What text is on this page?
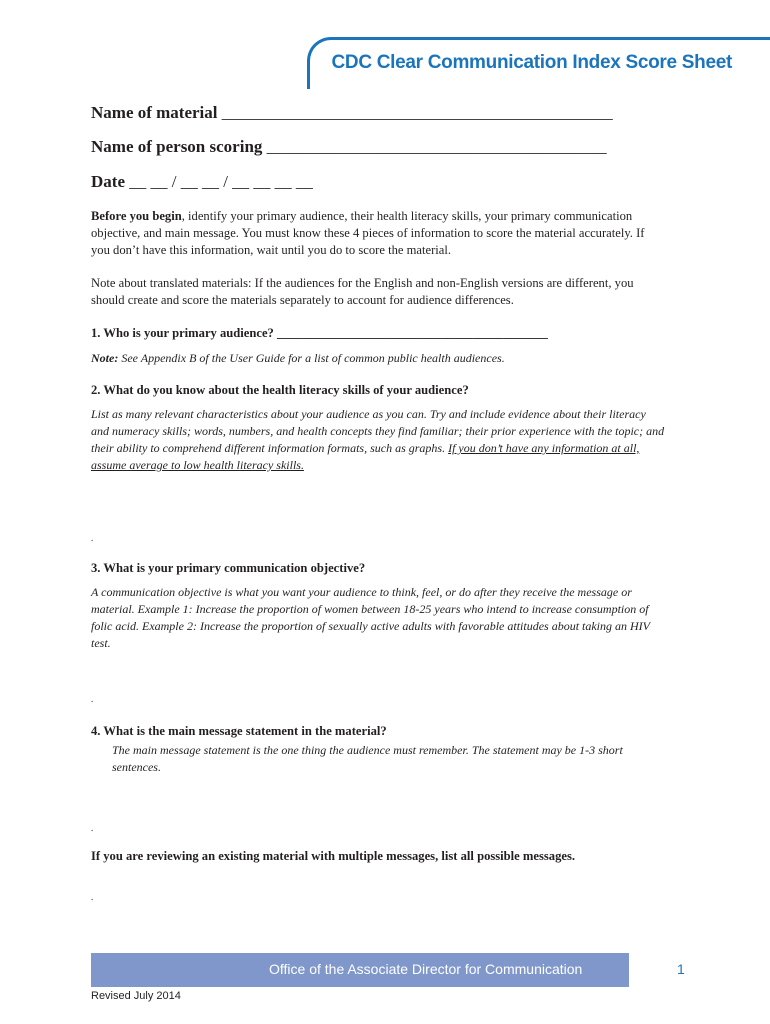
CDC Clear Communication Index Score Sheet
Name of material ______________________________________________
Name of person scoring ________________________________________
Date __ __ / __ __ / __ __ __ __
Before you begin, identify your primary audience, their health literacy skills, your primary communication objective, and main message. You must know these 4 pieces of information to score the material accurately. If you don’t have this information, wait until you do to score the material.
Note about translated materials: If the audiences for the English and non-English versions are different, you should create and score the materials separately to account for audience differences.
1. Who is your primary audience? ___________________________________________
Note: See Appendix B of the User Guide for a list of common public health audiences.
2. What do you know about the health literacy skills of your audience?
List as many relevant characteristics about your audience as you can. Try and include evidence about their literacy and numeracy skills; words, numbers, and health concepts they find familiar; their prior experience with the topic; and their ability to comprehend different information formats, such as graphs. If you don’t have any information at all, assume average to low health literacy skills.
.
3. What is your primary communication objective?
A communication objective is what you want your audience to think, feel, or do after they receive the message or material. Example 1: Increase the proportion of women between 18-25 years who intend to increase consumption of folic acid. Example 2: Increase the proportion of sexually active adults with favorable attitudes about taking an HIV test.
.
4. What is the main message statement in the material?
The main message statement is the one thing the audience must remember. The statement may be 1-3 short sentences.
.
If you are reviewing an existing material with multiple messages, list all possible messages.
.
Office of the Associate Director for Communication	1
Revised July 2014
